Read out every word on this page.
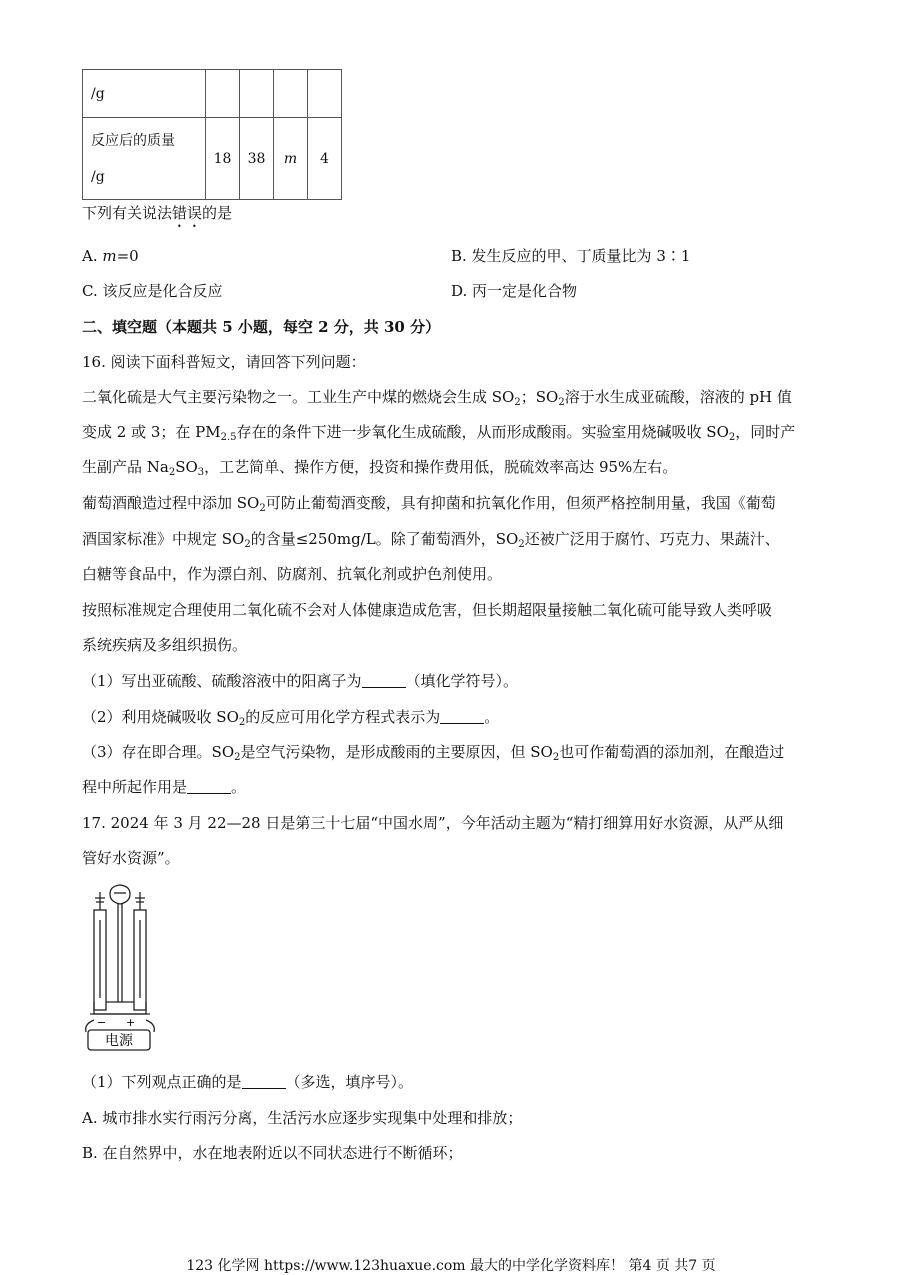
/g				

反应后的质量
/g	18	38	m	4
下列有关说法错误的是
A. m=0	B. 发生反应的甲、丁质量比为 3∶1
C. 该反应是化合反应	D. 丙一定是化合物
二、填空题（本题共 5 小题，每空 2 分，共 30 分）
16. 阅读下面科普短文，请回答下列问题：
二氧化硫是大气主要污染物之一。工业生产中煤的燃烧会生成 $SO_2$；$SO_2$溶于水生成亚硫酸，溶液的 pH 值
变成 2 或 3；在 $PM_{2.5}$存在的条件下进一步氧化生成硫酸，从而形成酸雨。实验室用烧碱吸收 $SO_2$，同时产
生副产品 $Na_2SO_3$，工艺简单、操作方便，投资和操作费用低，脱硫效率高达 95%左右。
葡萄酒酿造过程中添加 $SO_2$可防止葡萄酒变酸，具有抑菌和抗氧化作用，但须严格控制用量，我国《葡萄
酒国家标准》中规定 $SO_2$的含量≤250mg/L。除了葡萄酒外，$SO_2$还被广泛用于腐竹、巧克力、果蔬汁、
白糖等食品中，作为漂白剂、防腐剂、抗氧化剂或护色剂使用。
按照标准规定合理使用二氧化硫不会对人体健康造成危害，但长期超限量接触二氧化硫可能导致人类呼吸
系统疾病及多组织损伤。
（1）写出亚硫酸、硫酸溶液中的阳离子为	（填化学符号）。
（2）利用烧碱吸收 $SO_2$的反应可用化学方程式表示为	。
（3）存在即合理。$SO_2$是空气污染物，是形成酸雨的主要原因，但 $SO_2$也可作葡萄酒的添加剂，在酿造过
程中所起作用是	。
17. 2024 年 3 月 22—28 日是第三十七届“中国水周”，今年活动主题为“精打细算用好水资源，从严从细
管好水资源”。
− +
电源
（1）下列观点正确的是	（多选，填序号）。
A. 城市排水实行雨污分离，生活污水应逐步实现集中处理和排放；
B. 在自然界中，水在地表附近以不同状态进行不断循环；
123 化学网 https://www.123huaxue.com 最大的中学化学资料库！ 第4 页 共7 页
